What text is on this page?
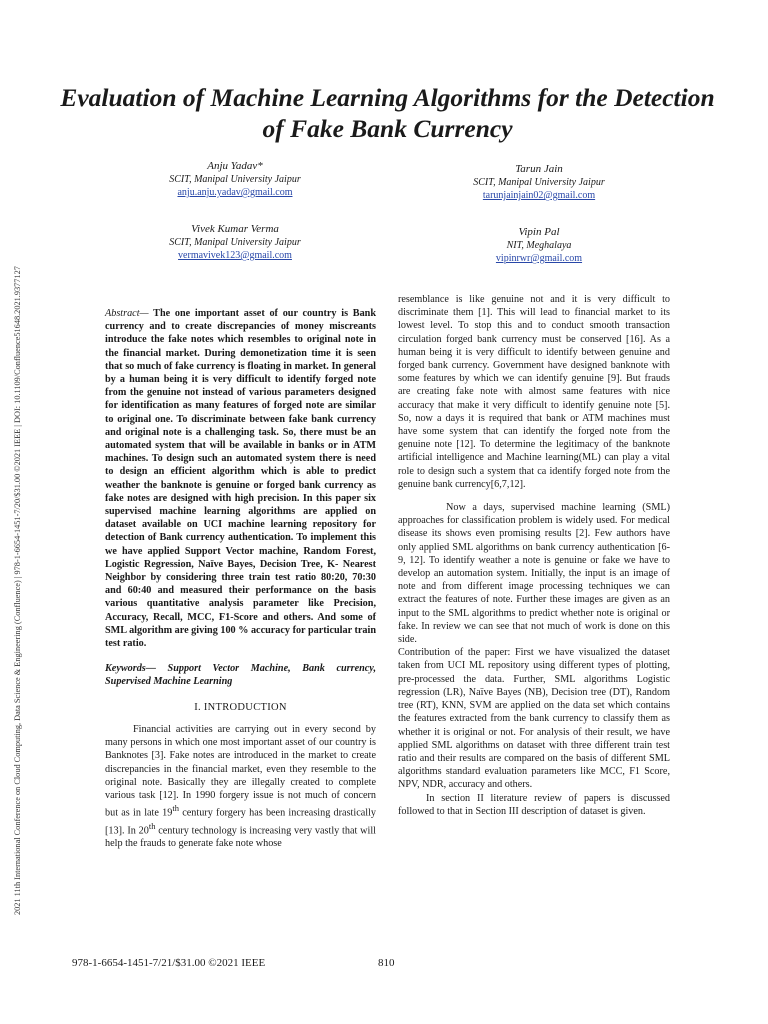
2021 11th International Conference on Cloud Computing, Data Science & Engineering (Confluence) | 978-1-6654-1451-7/20/$31.00 ©2021 IEEE | DOI: 10.1109/Confluence51648.2021.9377127
Evaluation of Machine Learning Algorithms for the Detection of Fake Bank Currency
Anju Yadav*
SCIT, Manipal University Jaipur
anju.anju.yadav@gmail.com
Tarun Jain
SCIT, Manipal University Jaipur
tarunjainjain02@gmail.com
Vivek Kumar Verma
SCIT, Manipal University Jaipur
vermavivek123@gmail.com
Vipin Pal
NIT, Meghalaya
vipinrwr@gmail.com

Abstract— The one important asset of our country is Bank currency and to create discrepancies of money miscreants introduce the fake notes which resembles to original note in the financial market. During demonetization time it is seen that so much of fake currency is floating in market. In general by a human being it is very difficult to identify forged note from the genuine not instead of various parameters designed for identification as many features of forged note are similar to original one. To discriminate between fake bank currency and original note is a challenging task. So, there must be an automated system that will be available in banks or in ATM machines. To design such an automated system there is need to design an efficient algorithm which is able to predict weather the banknote is genuine or forged bank currency as fake notes are designed with high precision. In this paper six supervised machine learning algorithms are applied on dataset available on UCI machine learning repository for detection of Bank currency authentication. To implement this we have applied Support Vector machine, Random Forest, Logistic Regression, Naïve Bayes, Decision Tree, K- Nearest Neighbor by considering three train test ratio 80:20, 70:30 and 60:40 and measured their performance on the basis various quantitative analysis parameter like Precision, Accuracy, Recall, MCC, F1-Score and others. And some of SML algorithm are giving 100 % accuracy for particular train test ratio.

Keywords— Support Vector Machine, Bank currency, Supervised Machine Learning

I. INTRODUCTION

Financial activities are carrying out in every second by many persons in which one most important asset of our country is Banknotes [3]. Fake notes are introduced in the market to create discrepancies in the financial market, even they resemble to the original note. Basically they are illegally created to complete various task [12]. In 1990 forgery issue is not much of concern but as in late 19th century forgery has been increasing drastically [13]. In 20th century technology is increasing very vastly that will help the frauds to generate fake note whose

resemblance is like genuine not and it is very difficult to discriminate them [1]. This will lead to financial market to its lowest level. To stop this and to conduct smooth transaction circulation forged bank currency must be conserved [16]. As a human being it is very difficult to identify between genuine and forged bank currency. Government have designed banknote with some features by which we can identify genuine [9]. But frauds are creating fake note with almost same features with nice accuracy that make it very difficult to identify genuine note [5]. So, now a days it is required that bank or ATM machines must have some system that can identify the forged note from the genuine note [12]. To determine the legitimacy of the banknote artificial intelligence and Machine learning(ML) can play a vital role to design such a system that ca identify forged note from the genuine bank currency[6,7,12].

Now a days, supervised machine learning (SML) approaches for classification problem is widely used. For medical disease its shows even promising results [2]. Few authors have only applied SML algorithms on bank currency authentication [6-9, 12]. To identify weather a note is genuine or fake we have to develop an automation system. Initially, the input is an image of note and from different image processing techniques we can extract the features of note. Further these images are given as an input to the SML algorithms to predict whether note is original or fake. In review we can see that not much of work is done on this side.

Contribution of the paper: First we have visualized the dataset taken from UCI ML repository using different types of plotting, pre-processed the data. Further, SML algorithms Logistic regression (LR), Naïve Bayes (NB), Decision tree (DT), Random tree (RT), KNN, SVM are applied on the data set which contains the features extracted from the bank currency to classify them as whether it is original or not. For analysis of their result, we have applied SML algorithms on dataset with three different train test ratio and their results are compared on the basis of different SML algorithms standard evaluation parameters like MCC, F1 Score, NPV, NDR, accuracy and others.

In section II literature review of papers is discussed followed to that in Section III description of dataset is given.

978-1-6654-1451-7/21/$31.00 ©2021 IEEE	810
